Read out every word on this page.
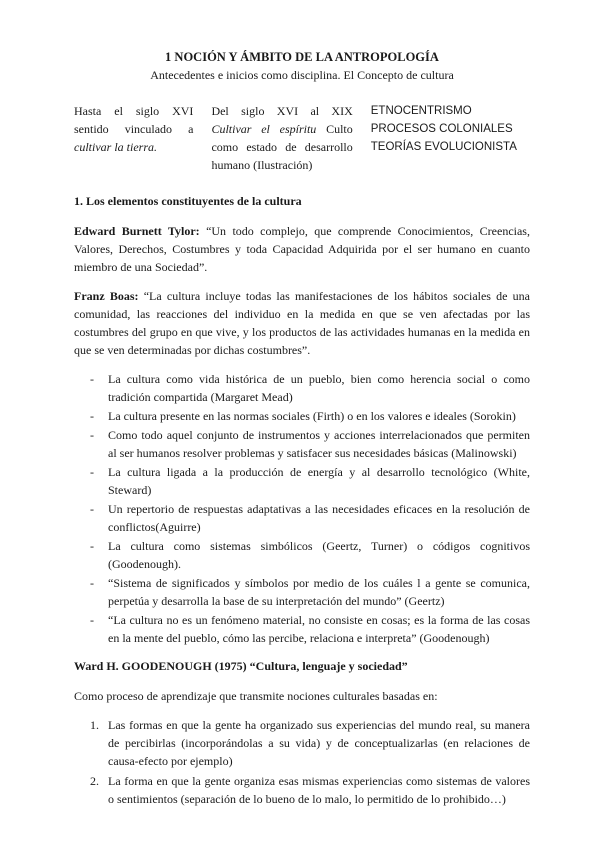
1 NOCIÓN Y ÁMBITO DE LA ANTROPOLOGÍA

Antecedentes e inicios como disciplina. El Concepto de cultura

Hasta el siglo XVI sentido vinculado a cultivar la tierra.
Del siglo XVI al XIX Cultivar el espíritu Culto como estado de desarrollo humano (Ilustración)
ETNOCENTRISMO
PROCESOS COLONIALES
TEORÍAS EVOLUCIONISTA

1. Los elementos constituyentes de la cultura

Edward Burnett Tylor: “Un todo complejo, que comprende Conocimientos, Creencias, Valores, Derechos, Costumbres y toda Capacidad Adquirida por el ser humano en cuanto miembro de una Sociedad”.

Franz Boas: “La cultura incluye todas las manifestaciones de los hábitos sociales de una comunidad, las reacciones del individuo en la medida en que se ven afectadas por las costumbres del grupo en que vive, y los productos de las actividades humanas en la medida en que se ven determinadas por dichas costumbres”.

- La cultura como vida histórica de un pueblo, bien como herencia social o como tradición compartida (Margaret Mead)
- La cultura presente en las normas sociales (Firth) o en los valores e ideales (Sorokin)
- Como todo aquel conjunto de instrumentos y acciones interrelacionados que permiten al ser humanos resolver problemas y satisfacer sus necesidades básicas (Malinowski)
- La cultura ligada a la producción de energía y al desarrollo tecnológico (White, Steward)
- Un repertorio de respuestas adaptativas a las necesidades eficaces en la resolución de conflictos(Aguirre)
- La cultura como sistemas simbólicos (Geertz, Turner) o códigos cognitivos (Goodenough).
- “Sistema de significados y símbolos por medio de los cuáles l a gente se comunica, perpetúa y desarrolla la base de su interpretación del mundo” (Geertz)
- “La cultura no es un fenómeno material, no consiste en cosas; es la forma de las cosas en la mente del pueblo, cómo las percibe, relaciona e interpreta” (Goodenough)

Ward H. GOODENOUGH (1975) “Cultura, lenguaje y sociedad”

Como proceso de aprendizaje que transmite nociones culturales basadas en:

1. Las formas en que la gente ha organizado sus experiencias del mundo real, su manera de percibirlas (incorporándolas a su vida) y de conceptualizarlas (en relaciones de causa-efecto por ejemplo)
2. La forma en que la gente organiza esas mismas experiencias como sistemas de valores o sentimientos (separación de lo bueno de lo malo, lo permitido de lo prohibido…)
